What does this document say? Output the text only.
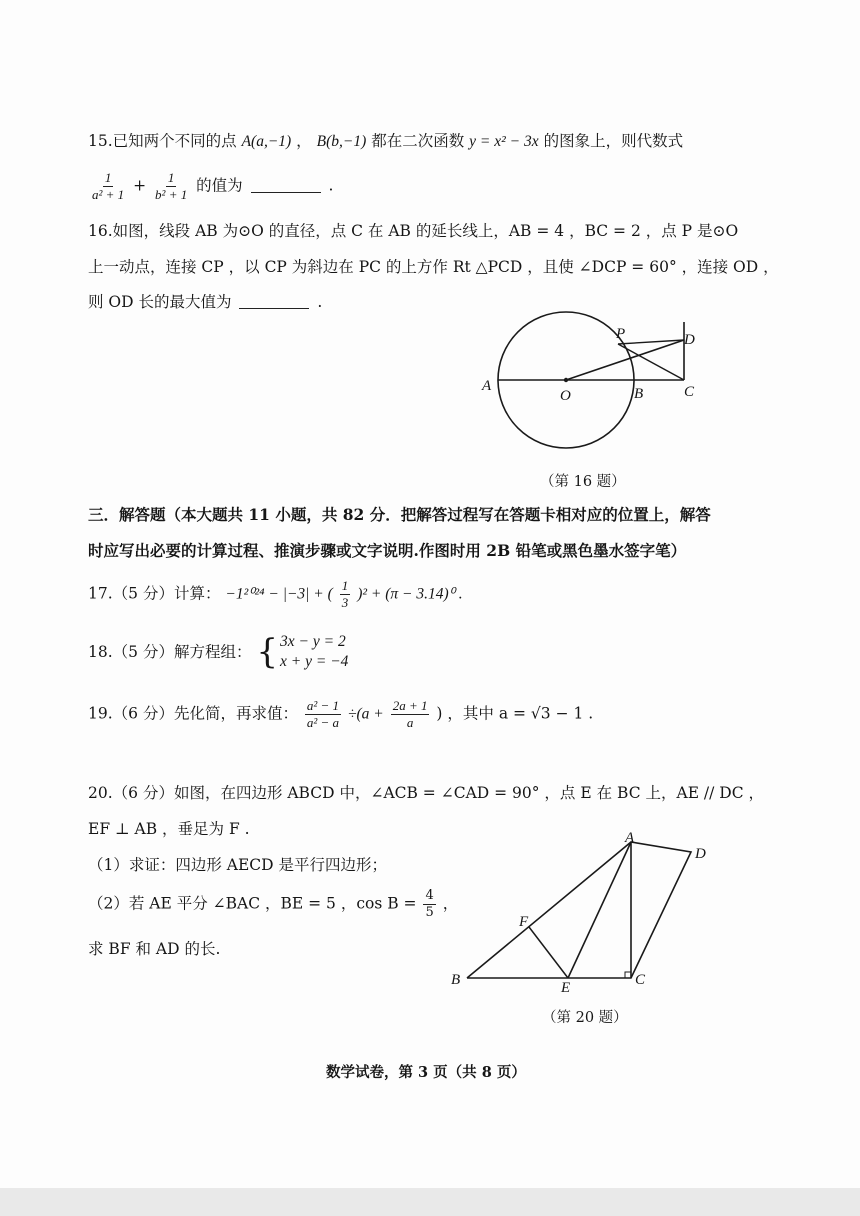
15.已知两个不同的点 A(a,−1) ， B(b,−1) 都在二次函数 y = x² − 3x 的图象上，则代数式
$\frac{1}{\text{a² + 1}} + \frac{1}{\text{b² + 1}}$ 的值为	.
16.如图，线段 AB 为⊙O 的直径，点 C 在 AB 的延长线上，AB = 4 ，BC = 2 ，点 P 是⊙O
上一动点，连接 CP ，以 CP 为斜边在 PC 的上方作 Rt △PCD ，且使 ∠DCP = 60° ，连接 OD ，
则 OD 长的最大值为	.
A
O	B	C
P	D
（第 16 题）
三．解答题（本大题共 11 小题，共 82 分．把解答过程写在答题卡相对应的位置上，解答
时应写出必要的计算过程、推演步骤或文字说明.作图时用 2B 铅笔或黑色墨水签字笔）
17.（5 分）计算： −1²⁰²⁴ − |−3| + ( $\frac{1}{3} )^2 + (\pi - 3.14)^0$ .
18.（5 分）解方程组： { 3x − y = 2
x + y = −4
19.（6 分）先化简，再求值： $\frac{\text{a² − 1}}{\text{a² − a}} \div(a + \frac{2a + 1}{a}$ ) ，其中 a = √3 − 1 .
20.（6 分）如图，在四边形 ABCD 中，∠ACB = ∠CAD = 90° ，点 E 在 BC 上，AE // DC ，
EF ⊥ AB ，垂足为 F .
（1）求证：四边形 AECD 是平行四边形；
（2）若 AE 平分 ∠BAC ，BE = 5 ，$\cos B = \frac{4}{5}$ ，
求 BF 和 AD 的长.
A
D
F
B	E	C
（第 20 题）
数学试卷，第 3 页（共 8 页）
